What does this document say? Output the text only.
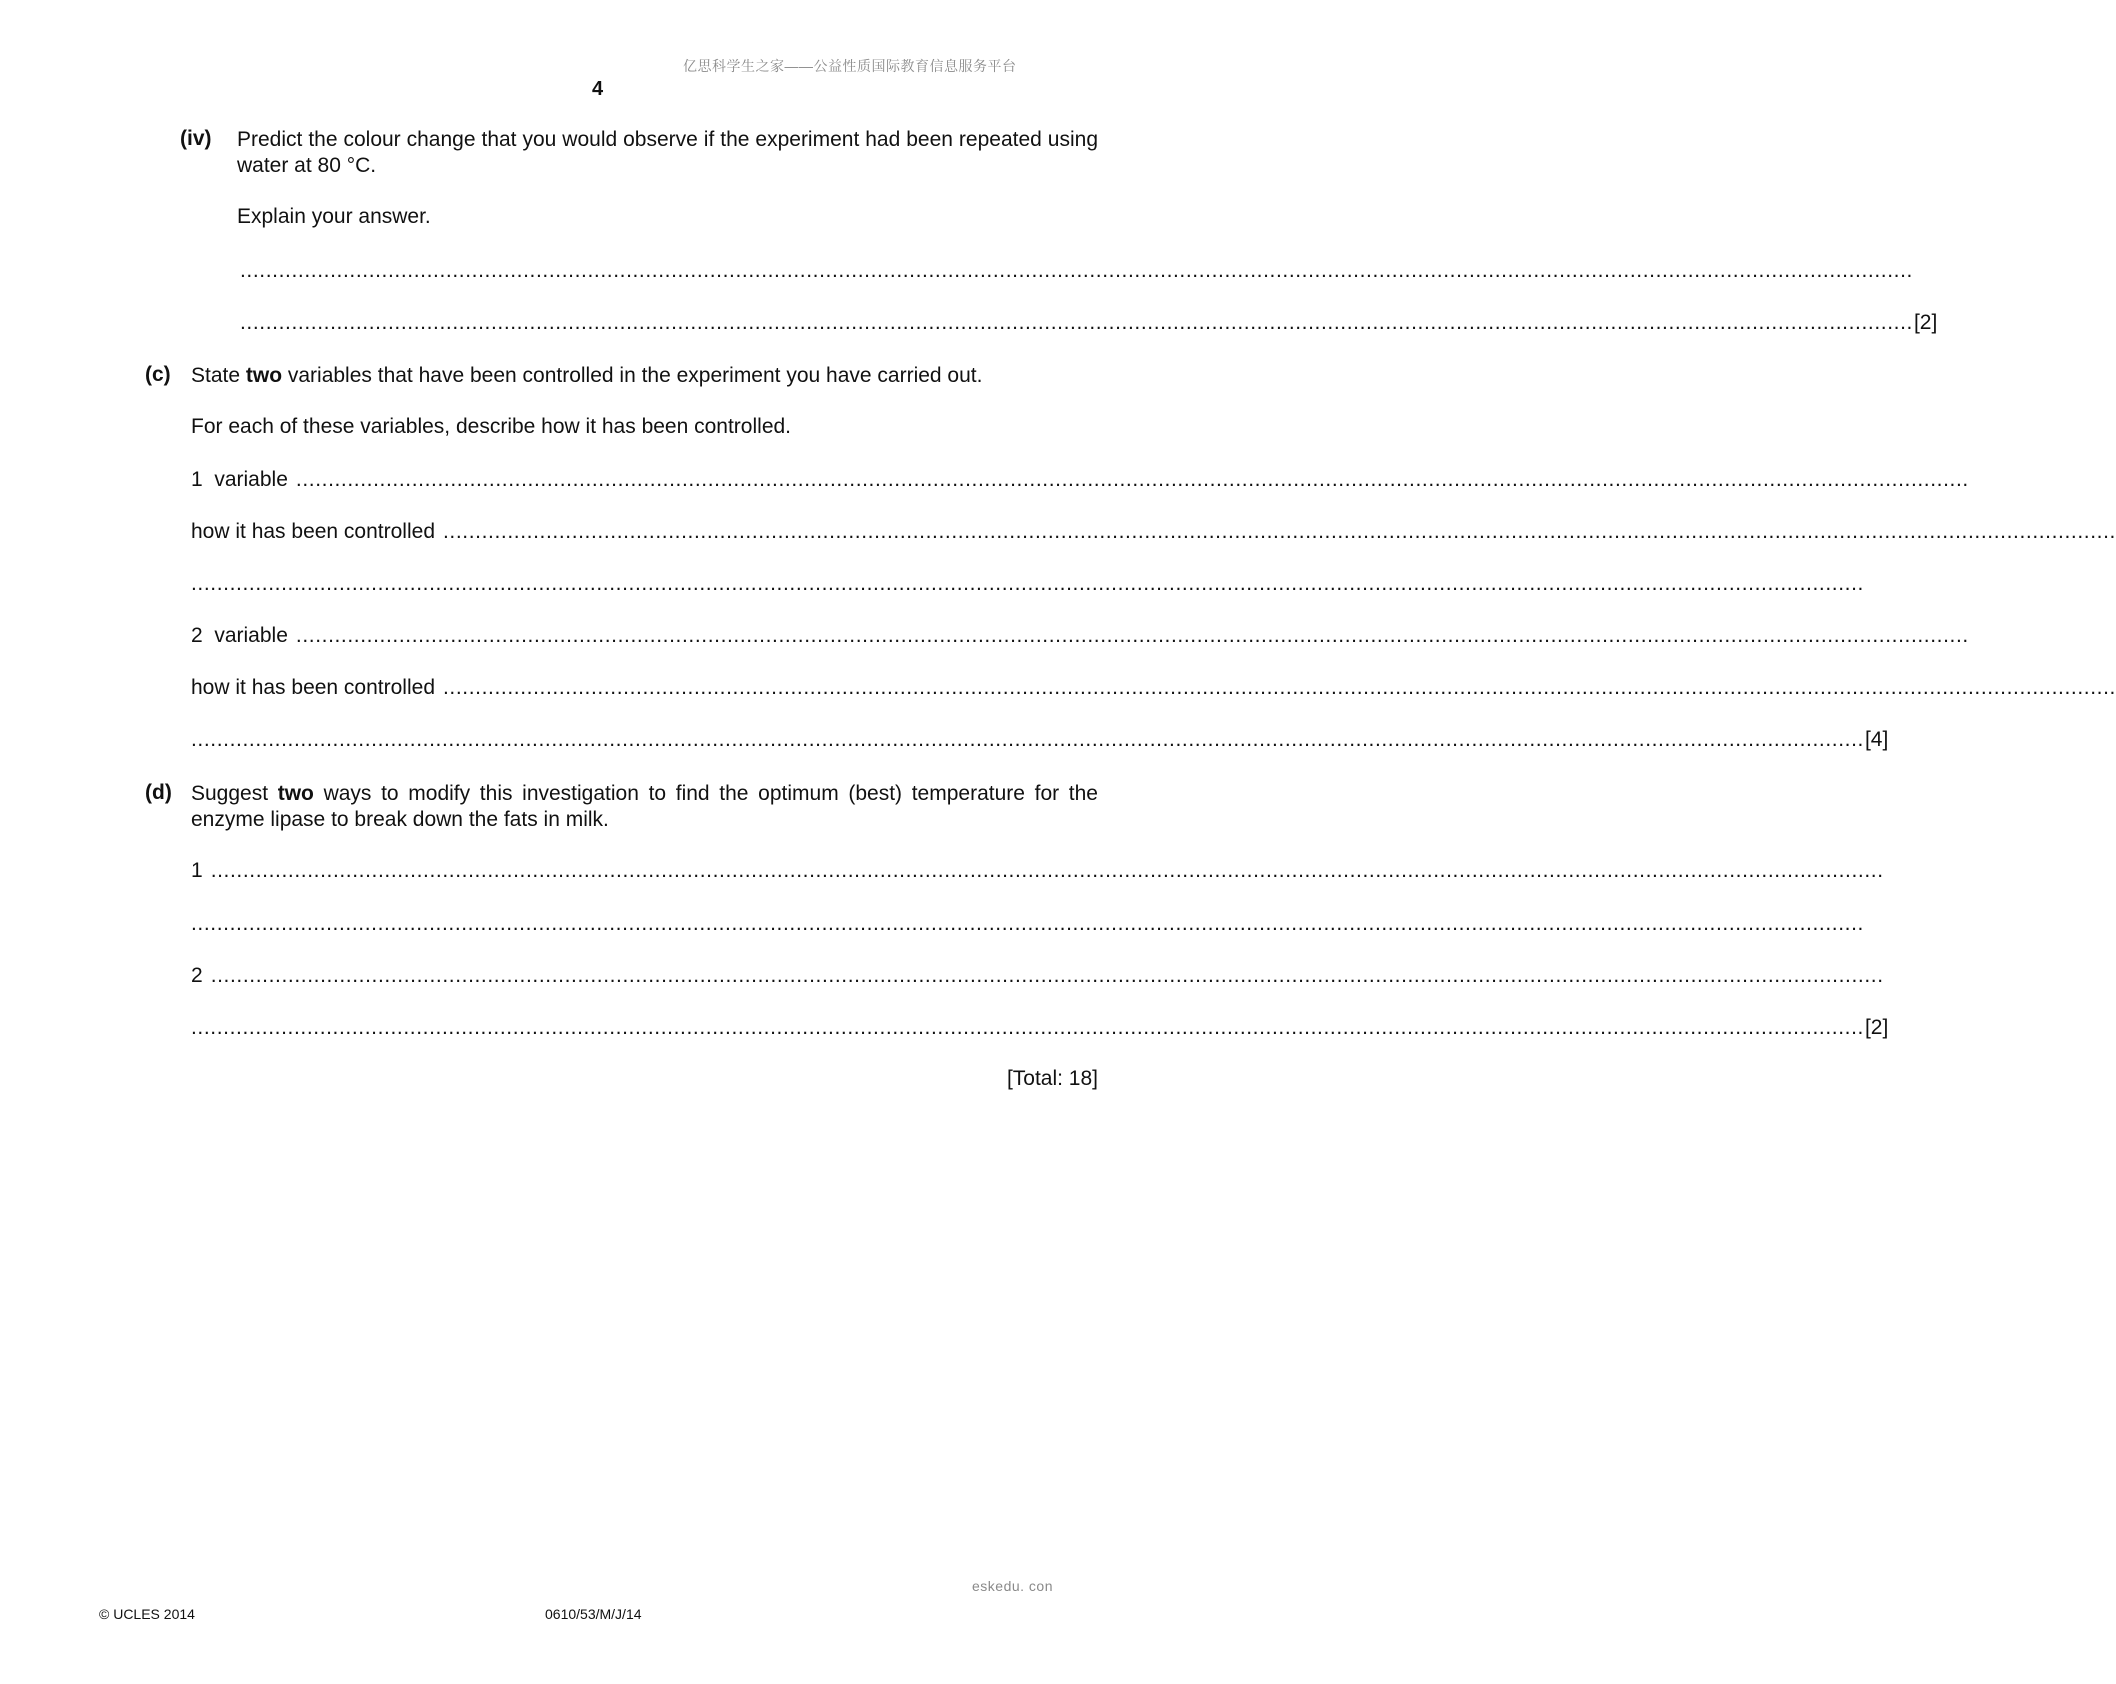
亿思科学生之家——公益性质国际教育信息服务平台
4
(iv) Predict the colour change that you would observe if the experiment had been repeated using water at 80 °C.
Explain your answer.
....................................................................................................................................................................................................................................................................
.................................................................................................................................................................................................................................................................... [2]
(c) State two variables that have been controlled in the experiment you have carried out.
For each of these variables, describe how it has been controlled.
1  variable ....................................................................................................................................................................................................................................................................
how it has been controlled ....................................................................................................................................................................................................................................................................
....................................................................................................................................................................................................................................................................
2  variable ....................................................................................................................................................................................................................................................................
how it has been controlled ....................................................................................................................................................................................................................................................................
.................................................................................................................................................................................................................................................................... [4]
(d) Suggest two ways to modify this investigation to find the optimum (best) temperature for the enzyme lipase to break down the fats in milk.
1 ....................................................................................................................................................................................................................................................................
....................................................................................................................................................................................................................................................................
2 ....................................................................................................................................................................................................................................................................
.................................................................................................................................................................................................................................................................... [2]
[Total: 18]
eskedu. con
© UCLES 2014	0610/53/M/J/14
